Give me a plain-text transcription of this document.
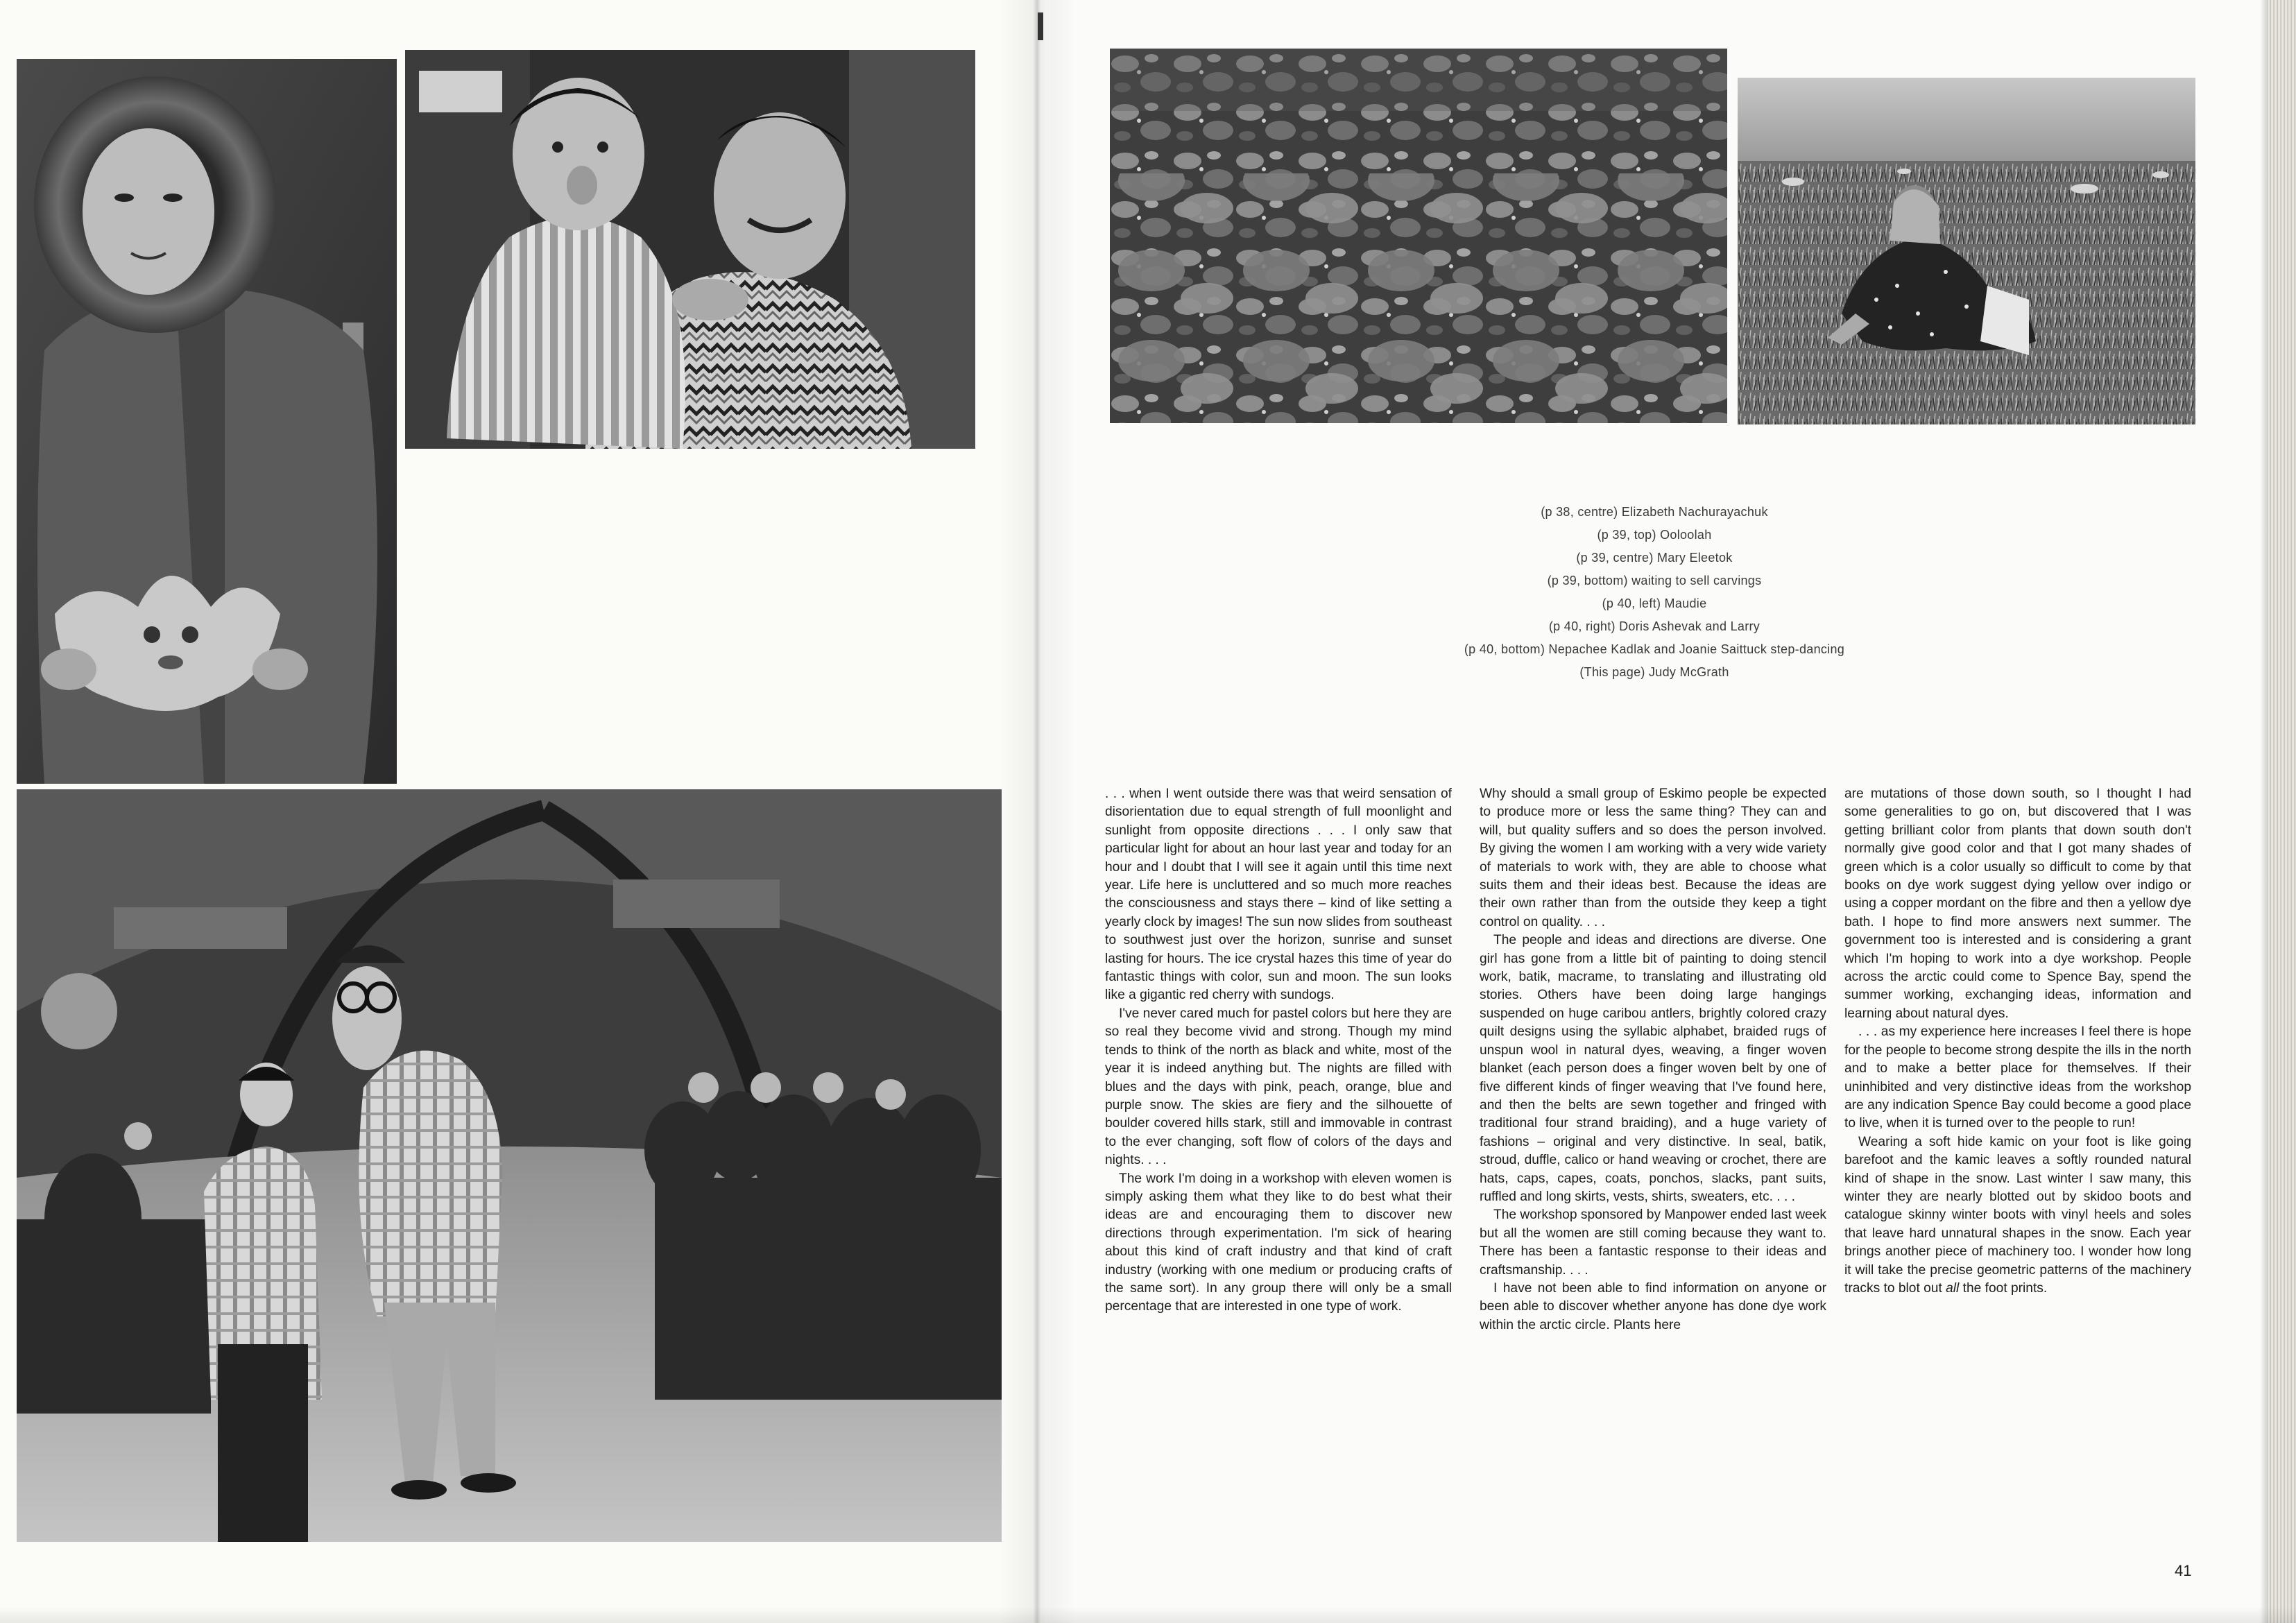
(p 38, centre) Elizabeth Nachurayachuk
(p 39, top) Ooloolah
(p 39, centre) Mary Eleetok
(p 39, bottom) waiting to sell carvings
(p 40, left) Maudie
(p 40, right) Doris Ashevak and Larry
(p 40, bottom) Nepachee Kadlak and Joanie Saittuck step-dancing
(This page) Judy McGrath

. . . when I went outside there was that weird sensation of disorientation due to equal strength of full moonlight and sunlight from opposite directions . . . I only saw that particular light for about an hour last year and today for an hour and I doubt that I will see it again until this time next year. Life here is uncluttered and so much more reaches the consciousness and stays there – kind of like setting a yearly clock by images! The sun now slides from southeast to southwest just over the horizon, sunrise and sunset lasting for hours. The ice crystal hazes this time of year do fantastic things with color, sun and moon. The sun looks like a gigantic red cherry with sundogs.

I've never cared much for pastel colors but here they are so real they become vivid and strong. Though my mind tends to think of the north as black and white, most of the year it is indeed anything but. The nights are filled with blues and the days with pink, peach, orange, blue and purple snow. The skies are fiery and the silhouette of boulder covered hills stark, still and immovable in contrast to the ever changing, soft flow of colors of the days and nights. . . .

The work I'm doing in a workshop with eleven women is simply asking them what they like to do best what their ideas are and encouraging them to discover new directions through experimentation. I'm sick of hearing about this kind of craft industry and that kind of craft industry (working with one medium or producing crafts of the same sort). In any group there will only be a small percentage that are interested in one type of work.

Why should a small group of Eskimo people be expected to produce more or less the same thing? They can and will, but quality suffers and so does the person involved. By giving the women I am working with a very wide variety of materials to work with, they are able to choose what suits them and their ideas best. Because the ideas are their own rather than from the outside they keep a tight control on quality. . . .

The people and ideas and directions are diverse. One girl has gone from a little bit of painting to doing stencil work, batik, macrame, to translating and illustrating old stories. Others have been doing large hangings suspended on huge caribou antlers, brightly colored crazy quilt designs using the syllabic alphabet, braided rugs of unspun wool in natural dyes, weaving, a finger woven blanket (each person does a finger woven belt by one of five different kinds of finger weaving that I've found here, and then the belts are sewn together and fringed with traditional four strand braiding), and a huge variety of fashions – original and very distinctive. In seal, batik, stroud, duffle, calico or hand weaving or crochet, there are hats, caps, capes, coats, ponchos, slacks, pant suits, ruffled and long skirts, vests, shirts, sweaters, etc. . . .

The workshop sponsored by Manpower ended last week but all the women are still coming because they want to. There has been a fantastic response to their ideas and craftsmanship. . . .

I have not been able to find information on anyone or been able to discover whether anyone has done dye work within the arctic circle. Plants here

are mutations of those down south, so I thought I had some generalities to go on, but discovered that I was getting brilliant color from plants that down south don't normally give good color and that I got many shades of green which is a color usually so difficult to come by that books on dye work suggest dying yellow over indigo or using a copper mordant on the fibre and then a yellow dye bath. I hope to find more answers next summer. The government too is interested and is considering a grant which I'm hoping to work into a dye workshop. People across the arctic could come to Spence Bay, spend the summer working, exchanging ideas, information and learning about natural dyes.

. . . as my experience here increases I feel there is hope for the people to become strong despite the ills in the north and to make a better place for themselves. If their uninhibited and very distinctive ideas from the workshop are any indication Spence Bay could become a good place to live, when it is turned over to the people to run!

Wearing a soft hide kamic on your foot is like going barefoot and the kamic leaves a softly rounded natural kind of shape in the snow. Last winter I saw many, this winter they are nearly blotted out by skidoo boots and catalogue skinny winter boots with vinyl heels and soles that leave hard unnatural shapes in the snow. Each year brings another piece of machinery too. I wonder how long it will take the precise geometric patterns of the machinery tracks to blot out all the foot prints.

41
